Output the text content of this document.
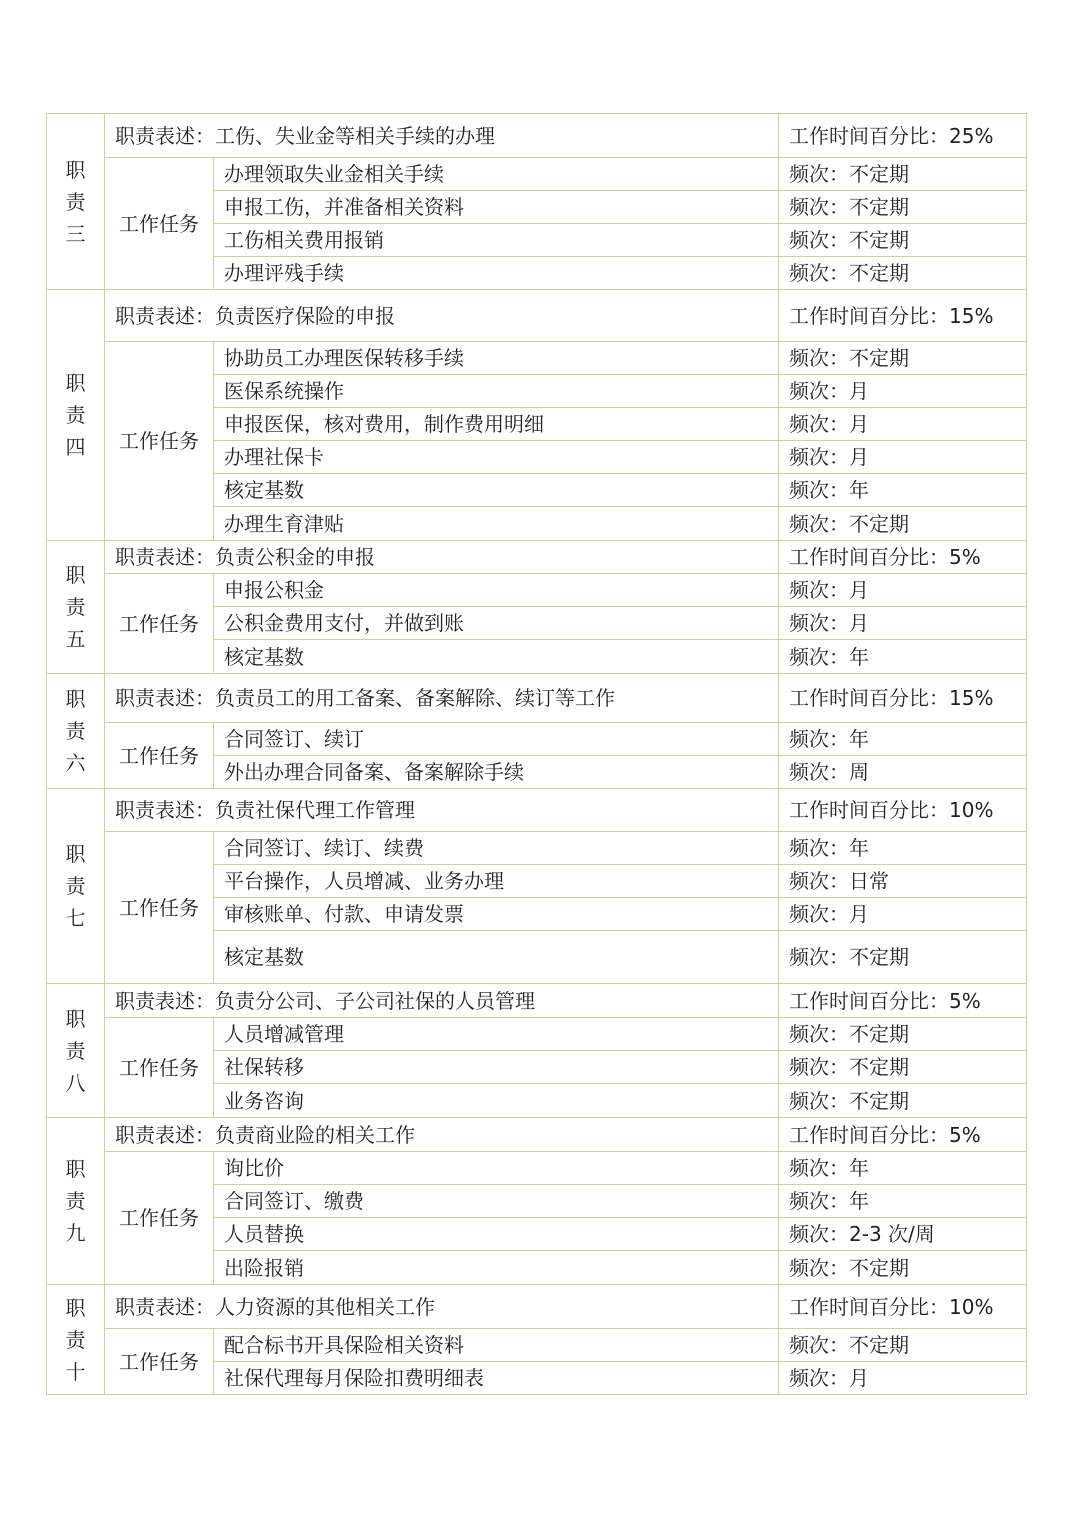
职责三	职责表述：工伤、失业金等相关手续的办理		工作时间百分比：25%
	工作任务	办理领取失业金相关手续	频次：不定期
		申报工伤，并准备相关资料	频次：不定期
		工伤相关费用报销	频次：不定期
		办理评残手续	频次：不定期
职责四	职责表述：负责医疗保险的申报		工作时间百分比：15%
	工作任务	协助员工办理医保转移手续	频次：不定期
		医保系统操作	频次：月
		申报医保，核对费用，制作费用明细	频次：月
		办理社保卡	频次：月
		核定基数	频次：年
		办理生育津贴	频次：不定期
职责五	职责表述：负责公积金的申报		工作时间百分比：5%
	工作任务	申报公积金	频次：月
		公积金费用支付，并做到账	频次：月
		核定基数	频次：年
职责六	职责表述：负责员工的用工备案、备案解除、续订等工作		工作时间百分比：15%
	工作任务	合同签订、续订	频次：年
		外出办理合同备案、备案解除手续	频次：周
职责七	职责表述：负责社保代理工作管理		工作时间百分比：10%
	工作任务	合同签订、续订、续费	频次：年
		平台操作，人员增减、业务办理	频次：日常
		审核账单、付款、申请发票	频次：月
		核定基数	频次：不定期
职责八	职责表述：负责分公司、子公司社保的人员管理		工作时间百分比：5%
	工作任务	人员增减管理	频次：不定期
		社保转移	频次：不定期
		业务咨询	频次：不定期
职责九	职责表述：负责商业险的相关工作		工作时间百分比：5%
	工作任务	询比价	频次：年
		合同签订、缴费	频次：年
		人员替换	频次：2-3 次/周
		出险报销	频次：不定期
职责十	职责表述：人力资源的其他相关工作		工作时间百分比：10%
	工作任务	配合标书开具保险相关资料	频次：不定期
		社保代理每月保险扣费明细表	频次：月
